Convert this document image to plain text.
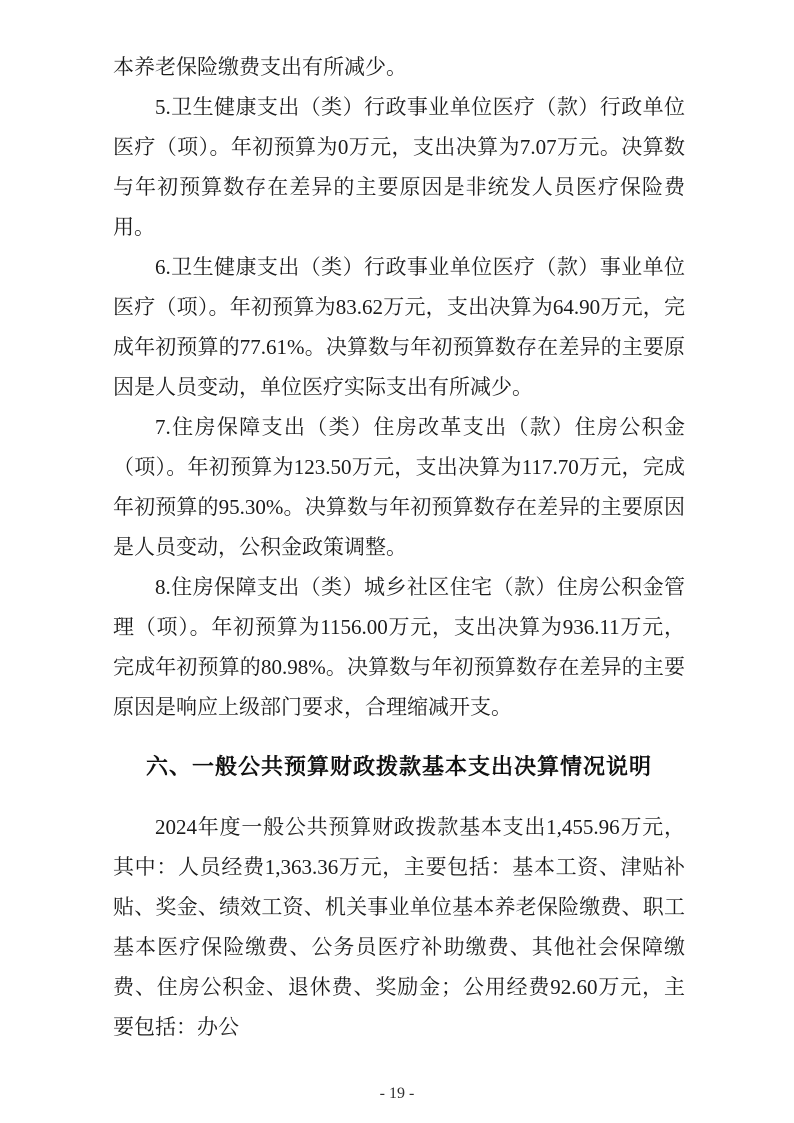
本养老保险缴费支出有所减少。

5.卫生健康支出（类）行政事业单位医疗（款）行政单位医疗（项）。年初预算为0万元，支出决算为7.07万元。决算数与年初预算数存在差异的主要原因是非统发人员医疗保险费用。

6.卫生健康支出（类）行政事业单位医疗（款）事业单位医疗（项）。年初预算为83.62万元，支出决算为64.90万元，完成年初预算的77.61%。决算数与年初预算数存在差异的主要原因是人员变动，单位医疗实际支出有所减少。

7.住房保障支出（类）住房改革支出（款）住房公积金（项）。年初预算为123.50万元，支出决算为117.70万元，完成年初预算的95.30%。决算数与年初预算数存在差异的主要原因是人员变动，公积金政策调整。

8.住房保障支出（类）城乡社区住宅（款）住房公积金管理（项）。年初预算为1156.00万元，支出决算为936.11万元，完成年初预算的80.98%。决算数与年初预算数存在差异的主要原因是响应上级部门要求，合理缩减开支。

六、一般公共预算财政拨款基本支出决算情况说明

2024年度一般公共预算财政拨款基本支出1,455.96万元，其中：人员经费1,363.36万元，主要包括：基本工资、津贴补贴、奖金、绩效工资、机关事业单位基本养老保险缴费、职工基本医疗保险缴费、公务员医疗补助缴费、其他社会保障缴费、住房公积金、退休费、奖励金；公用经费92.60万元，主要包括：办公

- 19 -
